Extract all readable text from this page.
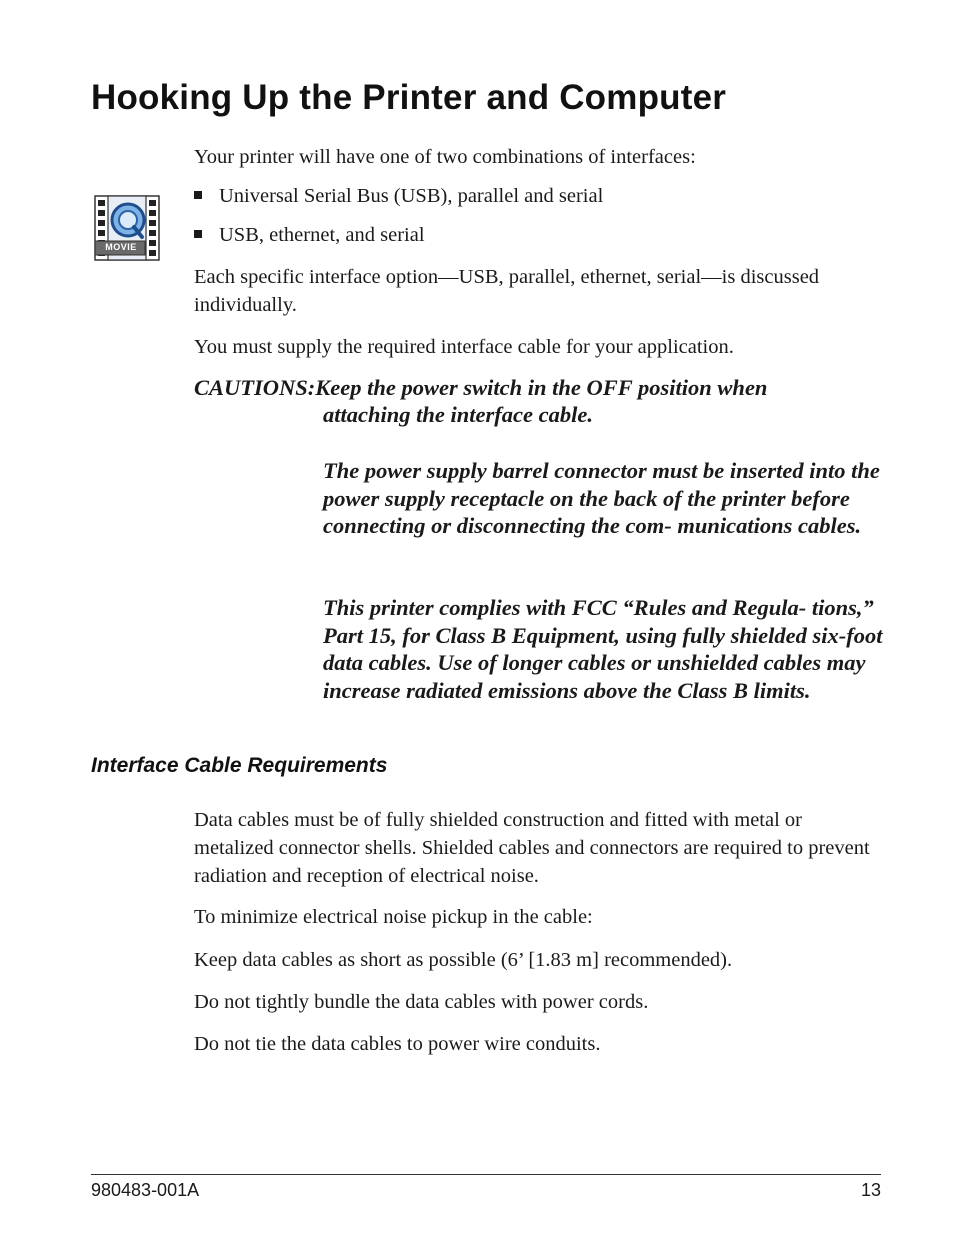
Hooking Up the Printer and Computer

Your printer will have one of two combinations of interfaces:

MOVIE

Universal Serial Bus (USB), parallel and serial

USB, ethernet, and serial

Each specific interface option—USB, parallel, ethernet, serial—is discussed individually.

You must supply the required interface cable for your application.

CAUTIONS:Keep the power switch in the OFF position when

attaching the interface cable.

The power supply barrel connector must be inserted into the power supply receptacle on the back of the printer before connecting or disconnecting the com- munications cables.

This printer complies with FCC “Rules and Regula- tions,” Part 15, for Class B Equipment, using fully shielded six-foot data cables. Use of longer cables or unshielded cables may increase radiated emissions above the Class B limits.

Interface Cable Requirements

Data cables must be of fully shielded construction and fitted with metal or metalized connector shells. Shielded cables and connectors are required to prevent radiation and reception of electrical noise.

To minimize electrical noise pickup in the cable:

Keep data cables as short as possible (6’ [1.83 m] recommended).

Do not tightly bundle the data cables with power cords.

Do not tie the data cables to power wire conduits.

980483-001A	13
